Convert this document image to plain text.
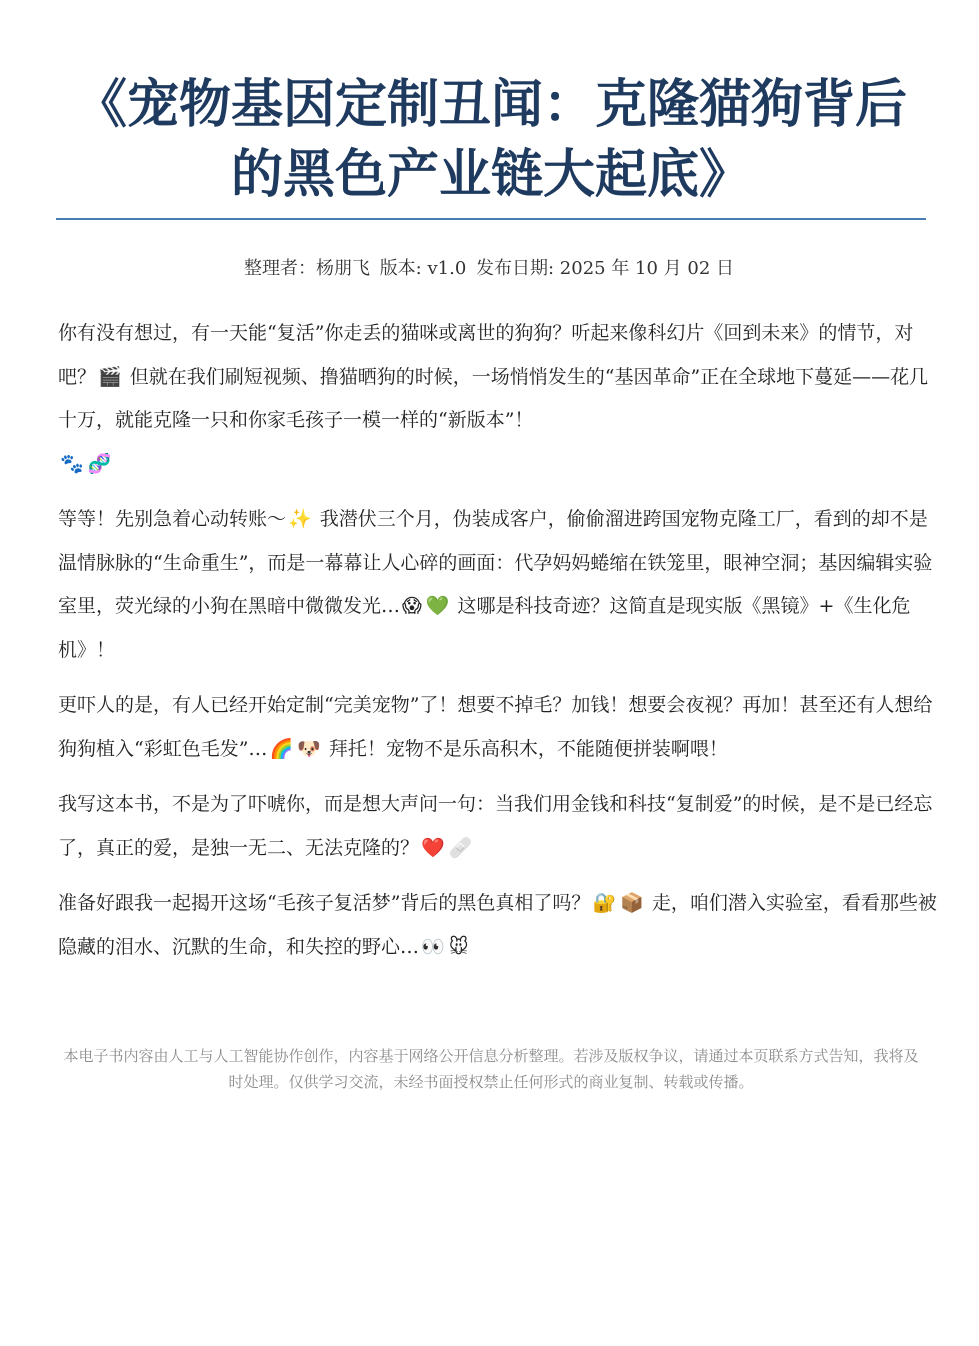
《宠物基因定制丑闻：克隆猫狗背后的黑色产业链大起底》
整理者：杨朋飞 版本: v1.0 发布日期: 2025 年 10 月 02 日

你有没有想过，有一天能“复活”你走丢的猫咪或离世的狗狗？听起来像科幻片《回到未来》的情节，对吧？ 🎬 但就在我们刷短视频、撸猫晒狗的时候，一场悄悄发生的“基因革命”正在全球地下蔓延——花几十万，就能克隆一只和你家毛孩子一模一样的“新版本”！
🐾 🧬

等等！先别急着心动转账～ ✨ 我潜伏三个月，伪装成客户，偷偷溜进跨国宠物克隆工厂，看到的却不是温情脉脉的“生命重生”，而是一幕幕让人心碎的画面：代孕妈妈蜷缩在铁笼里，眼神空洞；基因编辑实验室里，荧光绿的小狗在黑暗中微微发光… 😱 💚 这哪是科技奇迹？这简直是现实版《黑镜》+《生化危机》！

更吓人的是，有人已经开始定制“完美宠物”了！想要不掉毛？加钱！想要会夜视？再加！甚至还有人想给狗狗植入“彩虹色毛发”… 🌈 🐶 拜托！宠物不是乐高积木，不能随便拼装啊喂！

我写这本书，不是为了吓唬你，而是想大声问一句：当我们用金钱和科技“复制爱”的时候，是不是已经忘了，真正的爱，是独一无二、无法克隆的？ ❤️ 🩹

准备好跟我一起揭开这场“毛孩子复活梦”背后的黑色真相了吗？ 🔐 📦 走，咱们潜入实验室，看看那些被隐藏的泪水、沉默的生命，和失控的野心… 👀 🐭

本电子书内容由人工与人工智能协作创作，内容基于网络公开信息分析整理。若涉及版权争议，请通过本页联系方式告知，我将及时处理。仅供学习交流，未经书面授权禁止任何形式的商业复制、转载或传播。
